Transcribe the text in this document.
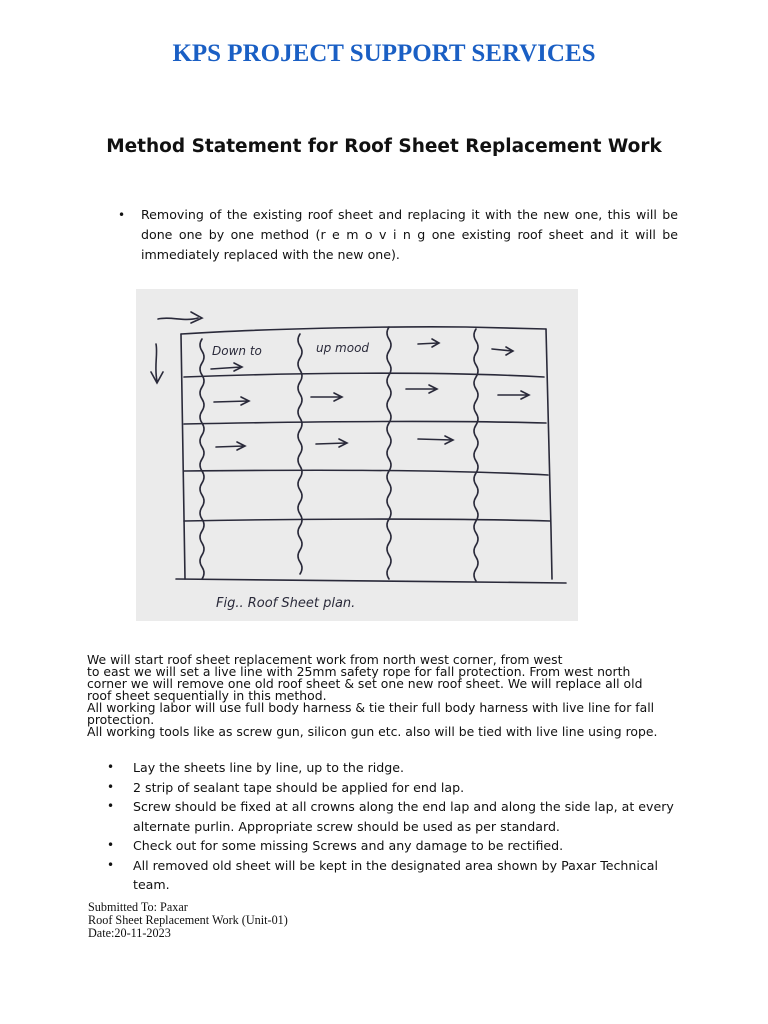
KPS PROJECT SUPPORT SERVICES
Method Statement for Roof Sheet Replacement Work
• Removing of the existing roof sheet and replacing it with the new one, this will be done one by one method (r e m o v i n g one existing roof sheet and it will be immediately replaced with the new one).
Down to	up mood
Fig.. Roof Sheet plan.
We will start roof sheet replacement work from north west corner, from west
to east we will set a live line with 25mm safety rope for fall protection. From west north
corner we will remove one old roof sheet & set one new roof sheet. We will replace all old
roof sheet sequentially in this method.
All working labor will use full body harness & tie their full body harness with live line for fall
protection.
All working tools like as screw gun, silicon gun etc. also will be tied with live line using rope.
• Lay the sheets line by line, up to the ridge.
• 2 strip of sealant tape should be applied for end lap.
• Screw should be fixed at all crowns along the end lap and along the side lap, at every alternate purlin. Appropriate screw should be used as per standard.
• Check out for some missing Screws and any damage to be rectified.
• All removed old sheet will be kept in the designated area shown by Paxar Technical team.
Submitted To: Paxar
Roof Sheet Replacement Work (Unit-01)
Date:20-11-2023
